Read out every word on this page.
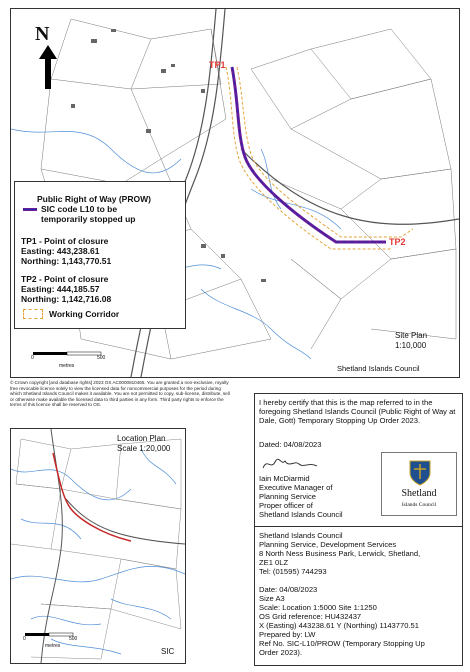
N
TP1
TP2
0	500
metres
Site Plan
1:10,000
Shetland Islands Council
Public Right of Way (PROW)
SIC code L10 to be
temporarily stopped up
TP1 - Point of closure
Easting: 443,238.61
Northing: 1,143,770.51
TP2 - Point of closure
Easting: 444,185.57
Northing: 1,142,716.08
Working Corridor
© Crown copyright [and database rights] 2023 OS AC0000810465. You are granted a non-exclusive, royalty free revocable licence solely to view the licensed data for noncommercial purposes for the period during which Shetland Islands Council makes it available. You are not permitted to copy, sub-license, distribute, sell or otherwise make available the licensed data to third parties in any form. Third party rights to enforce the terms of this licence shall be reserved to OS.
Location Plan
Scale 1:20,000
0	500
metres
SIC
I hereby certify that this is the map referred to in the foregoing Shetland Islands Council (Public Right of Way at Dale, Gott) Temporary Stopping Up Order 2023.
Dated: 04/08/2023
Iain McDiarmid
Executive Manager of
Planning Service
Proper officer of
Shetland Islands Council
Shetland
Islands Council
Shetland Islands Council
Planning Service, Development Services
8 North Ness Business Park, Lerwick, Shetland,
ZE1 0LZ
Tel: (01595) 744293
Date: 04/08/2023
Size A3
Scale: Location 1:5000 Site 1:1250
OS Grid reference: HU432437
X (Easting) 443238.61 Y (Northing) 1143770.51
Prepared by: LW
Ref No. SIC-L10/PROW (Temporary Stopping Up
Order 2023).
